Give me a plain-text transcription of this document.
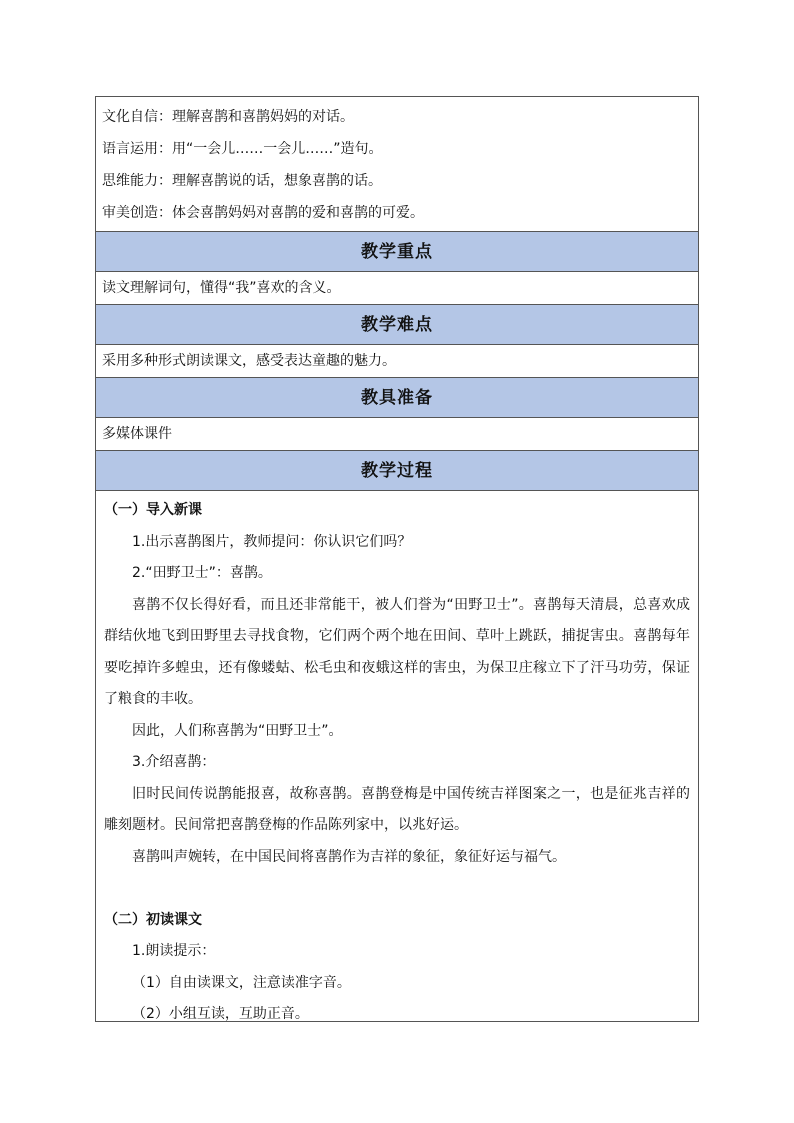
文化自信：理解喜鹊和喜鹊妈妈的对话。
语言运用：用“一会儿……一会儿……”造句。
思维能力：理解喜鹊说的话，想象喜鹊的话。
审美创造：体会喜鹊妈妈对喜鹊的爱和喜鹊的可爱。
教学重点
读文理解词句，懂得“我”喜欢的含义。
教学难点
采用多种形式朗读课文，感受表达童趣的魅力。
教具准备
多媒体课件
教学过程
（一）导入新课
1.出示喜鹊图片，教师提问：你认识它们吗？
2.“田野卫士”：喜鹊。
喜鹊不仅长得好看，而且还非常能干，被人们誉为“田野卫士”。喜鹊每天清晨，总喜欢成群结伙地飞到田野里去寻找食物，它们两个两个地在田间、草叶上跳跃，捕捉害虫。喜鹊每年要吃掉许多蝗虫，还有像蝼蛄、松毛虫和夜蛾这样的害虫，为保卫庄稼立下了汗马功劳，保证了粮食的丰收。
因此，人们称喜鹊为“田野卫士”。
3.介绍喜鹊：
旧时民间传说鹊能报喜，故称喜鹊。喜鹊登梅是中国传统吉祥图案之一，也是征兆吉祥的雕刻题材。民间常把喜鹊登梅的作品陈列家中，以兆好运。
喜鹊叫声婉转，在中国民间将喜鹊作为吉祥的象征，象征好运与福气。
（二）初读课文
1.朗读提示：
（1）自由读课文，注意读准字音。
（2）小组互读，互助正音。
